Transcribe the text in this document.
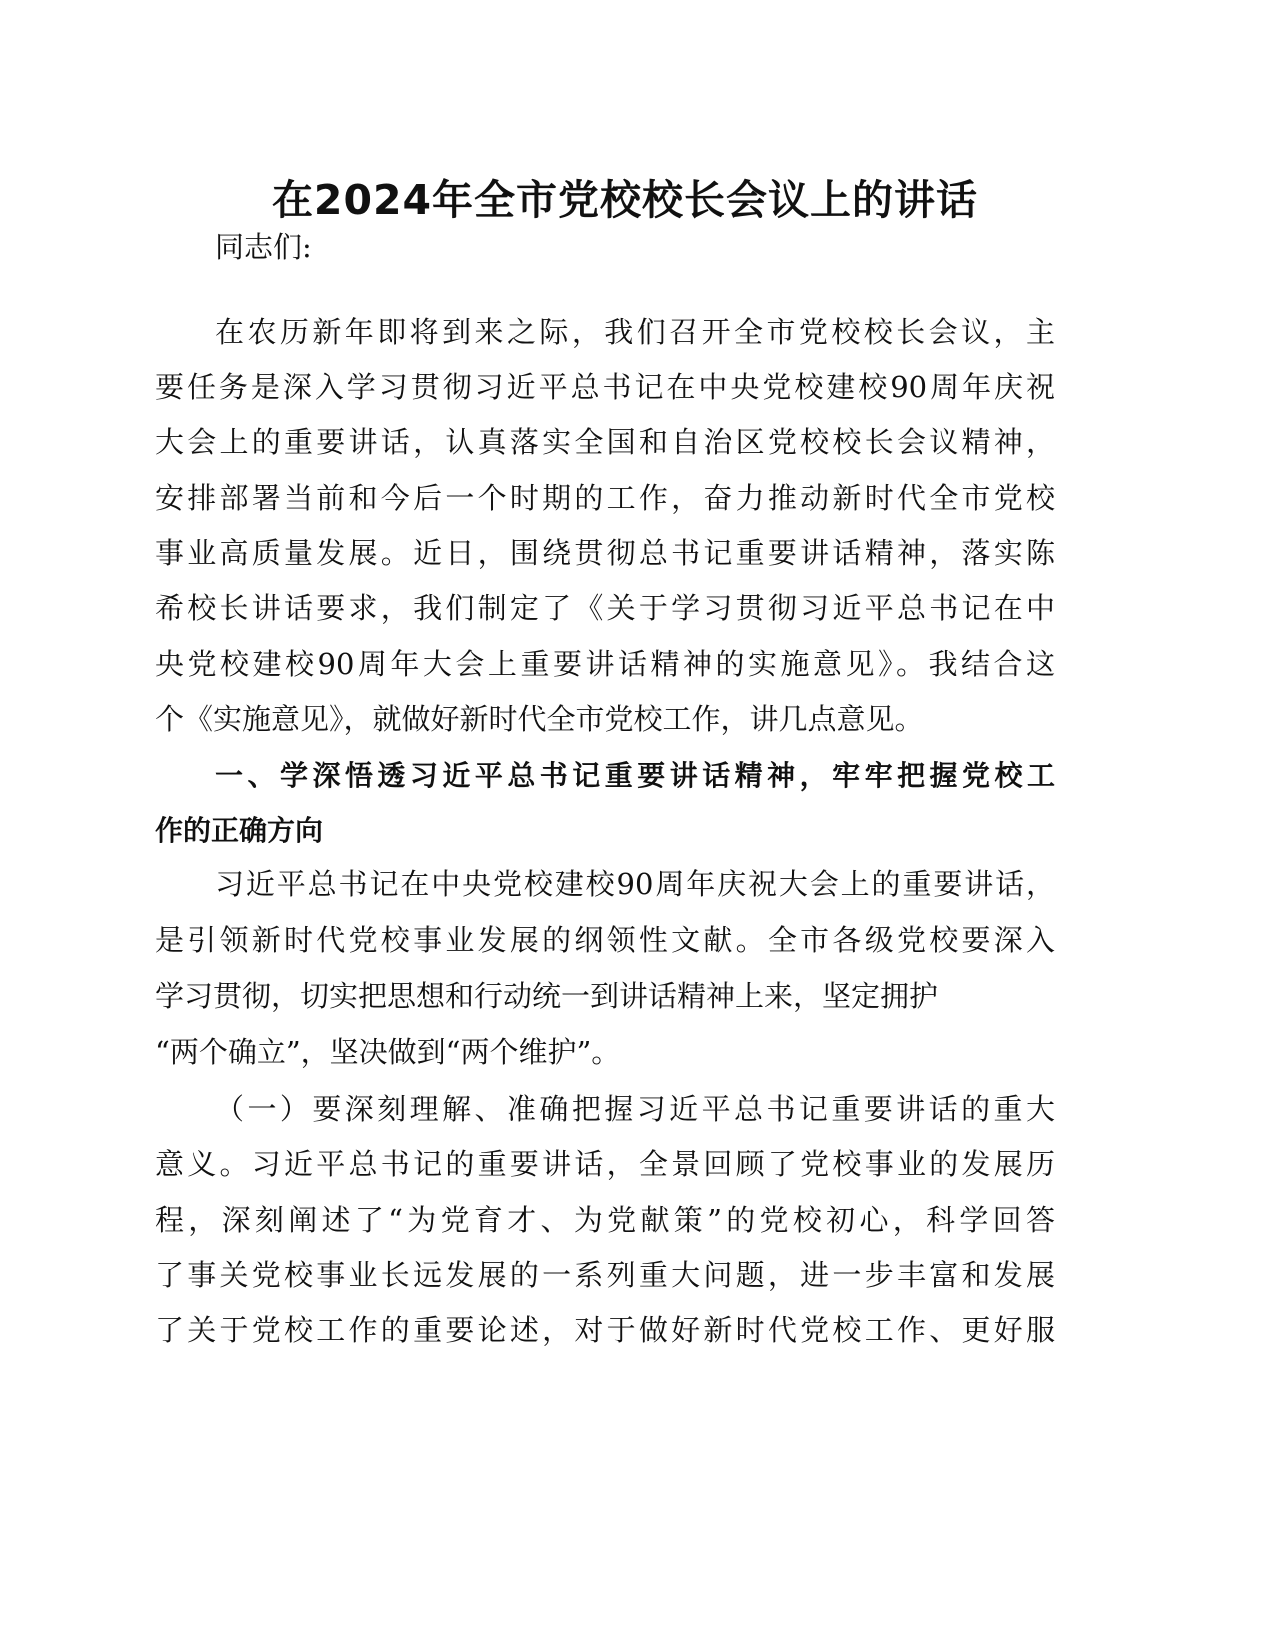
在2024年全市党校校长会议上的讲话

同志们:

在农历新年即将到来之际，我们召开全市党校校长会议，主

要任务是深入学习贯彻习近平总书记在中央党校建校90周年庆祝

大会上的重要讲话，认真落实全国和自治区党校校长会议精神，

安排部署当前和今后一个时期的工作，奋力推动新时代全市党校

事业高质量发展。近日，围绕贯彻总书记重要讲话精神，落实陈

希校长讲话要求，我们制定了《关于学习贯彻习近平总书记在中

央党校建校90周年大会上重要讲话精神的实施意见》。我结合这

个《实施意见》，就做好新时代全市党校工作，讲几点意见。

一、学深悟透习近平总书记重要讲话精神，牢牢把握党校工

作的正确方向

习近平总书记在中央党校建校90周年庆祝大会上的重要讲话，

是引领新时代党校事业发展的纲领性文献。全市各级党校要深入

学习贯彻，切实把思想和行动统一到讲话精神上来，坚定拥护

“两个确立”，坚决做到“两个维护”。

（一）要深刻理解、准确把握习近平总书记重要讲话的重大

意义。习近平总书记的重要讲话，全景回顾了党校事业的发展历

程，深刻阐述了“为党育才、为党献策”的党校初心，科学回答

了事关党校事业长远发展的一系列重大问题，进一步丰富和发展

了关于党校工作的重要论述，对于做好新时代党校工作、更好服
